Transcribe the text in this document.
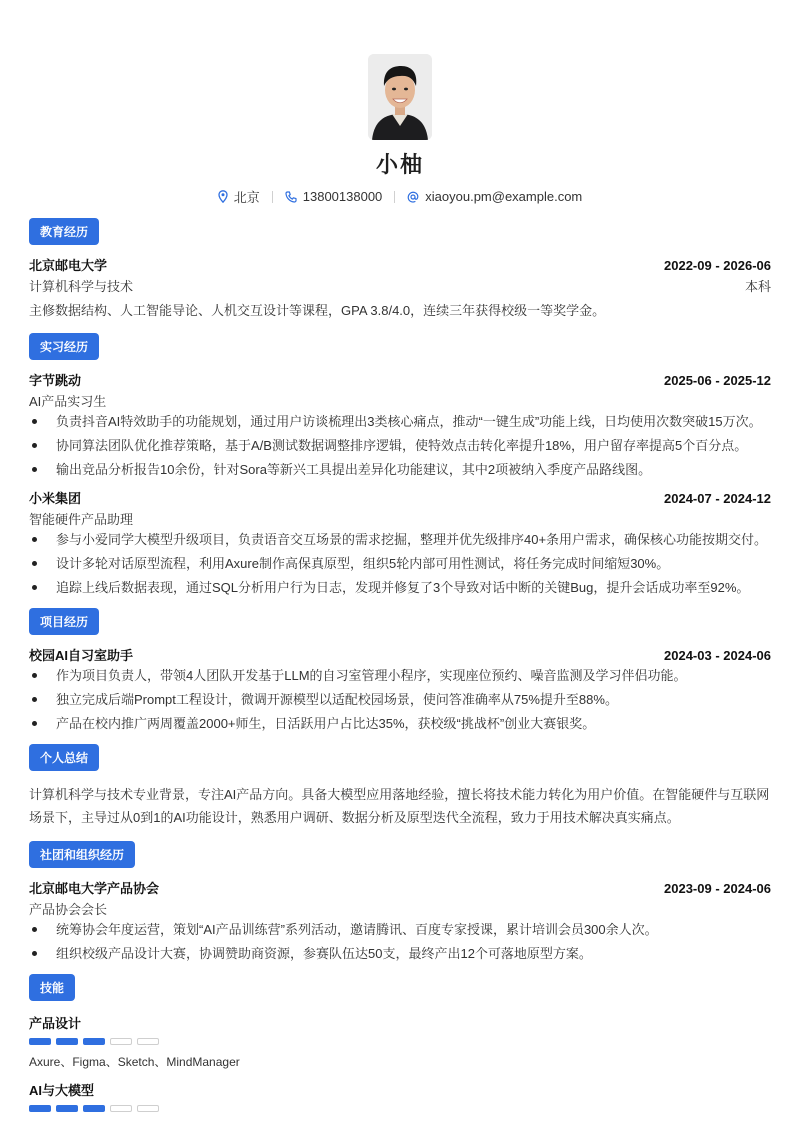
小柚
北京	13800138000	xiaoyou.pm@example.com
教育经历
北京邮电大学	2022-09 - 2026-06
计算机科学与技术	本科
主修数据结构、人工智能导论、人机交互设计等课程，GPA 3.8/4.0，连续三年获得校级一等奖学金。
实习经历
字节跳动	2025-06 - 2025-12
AI产品实习生
负责抖音AI特效助手的功能规划，通过用户访谈梳理出3类核心痛点，推动“一键生成”功能上线，日均使用次数突破15万次。
协同算法团队优化推荐策略，基于A/B测试数据调整排序逻辑，使特效点击转化率提升18%，用户留存率提高5个百分点。
输出竞品分析报告10余份，针对Sora等新兴工具提出差异化功能建议，其中2项被纳入季度产品路线图。
小米集团	2024-07 - 2024-12
智能硬件产品助理
参与小爱同学大模型升级项目，负责语音交互场景的需求挖掘，整理并优先级排序40+条用户需求，确保核心功能按期交付。
设计多轮对话原型流程，利用Axure制作高保真原型，组织5轮内部可用性测试，将任务完成时间缩短30%。
追踪上线后数据表现，通过SQL分析用户行为日志，发现并修复了3个导致对话中断的关键Bug，提升会话成功率至92%。
项目经历
校园AI自习室助手	2024-03 - 2024-06
作为项目负责人，带领4人团队开发基于LLM的自习室管理小程序，实现座位预约、噪音监测及学习伴侣功能。
独立完成后端Prompt工程设计，微调开源模型以适配校园场景，使问答准确率从75%提升至88%。
产品在校内推广两周覆盖2000+师生，日活跃用户占比达35%，获校级“挑战杯”创业大赛银奖。
个人总结
计算机科学与技术专业背景，专注AI产品方向。具备大模型应用落地经验，擅长将技术能力转化为用户价值。在智能硬件与互联网场景下，主导过从0到1的AI功能设计，熟悉用户调研、数据分析及原型迭代全流程，致力于用技术解决真实痛点。
社团和组织经历
北京邮电大学产品协会	2023-09 - 2024-06
产品协会会长
统筹协会年度运营，策划“AI产品训练营”系列活动，邀请腾讯、百度专家授课，累计培训会员300余人次。
组织校级产品设计大赛，协调赞助商资源，参赛队伍达50支，最终产出12个可落地原型方案。
技能
产品设计
Axure、Figma、Sketch、MindManager
AI与大模型
